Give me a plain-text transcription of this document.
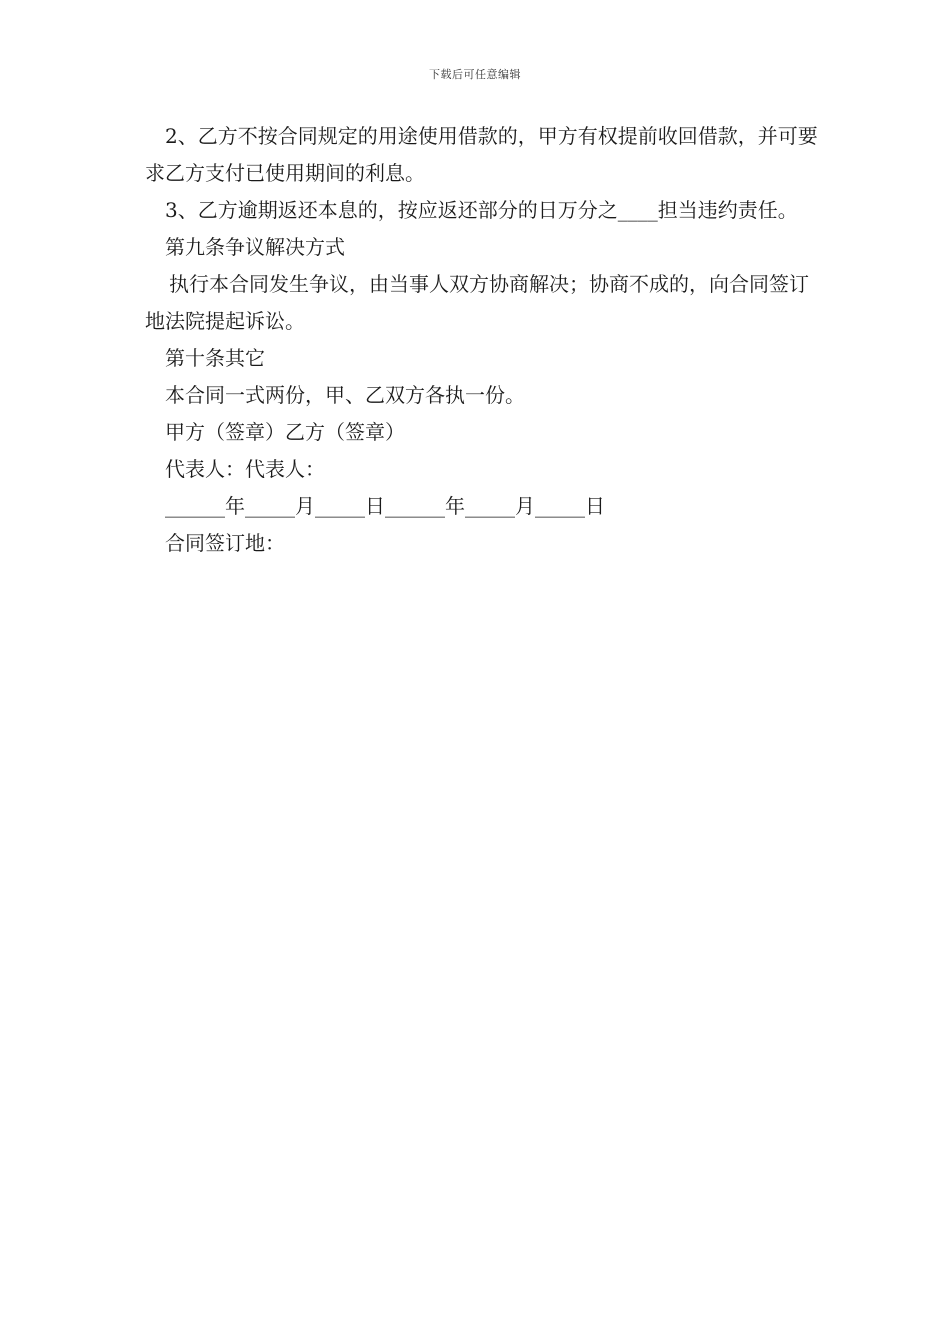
下载后可任意编辑

2、乙方不按合同规定的用途使用借款的，甲方有权提前收回借款，并可要求乙方支付已使用期间的利息。

3、乙方逾期返还本息的，按应返还部分的日万分之____担当违约责任。

第九条争议解决方式

执行本合同发生争议，由当事人双方协商解决；协商不成的，向合同签订地法院提起诉讼。

第十条其它

本合同一式两份，甲、乙双方各执一份。

甲方（签章）乙方（签章）

代表人：代表人：

______年_____月_____日______年_____月_____日

合同签订地：
